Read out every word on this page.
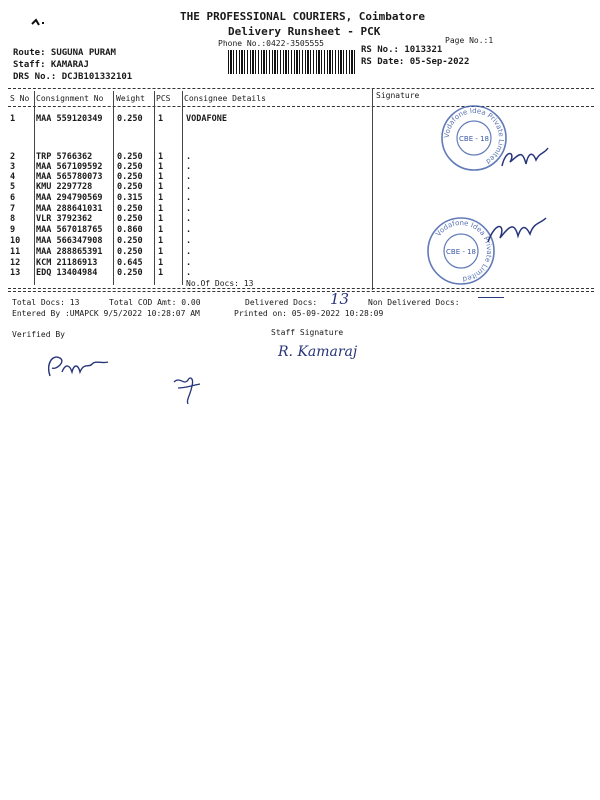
THE PROFESSIONAL COURIERS, Coimbatore
Delivery Runsheet - PCK
Phone No.:0422-3505555	Page No.:1
Route: SUGUNA PURAM
Staff: KAMARAJ
DRS No.: DCJB101332101
RS No.: 1013321
RS Date: 05-Sep-2022
S No Consignment No Weight PCS Consignee Details	Signature
1 MAA 559120349 0.250 1	VODAFONE
2 TRP 5766362	0.250 1	.
3 MAA 567109592 0.250 1	.
4 MAA 565780073 0.250 1	.
5 KMU 2297728	0.250 1	.
6 MAA 294790569 0.315 1	.
7 MAA 288641031 0.250 1	.
8 VLR 3792362	0.250 1	.
9 MAA 567018765 0.860 1	.
10 MAA 566347908 0.250 1	.
11 MAA 288865391 0.250 1	.
12 KCM 21186913 0.645 1	.
13 EDQ 13404984 0.250 1	.
No.Of Docs: 13
Vodafone Idea Private Limited
CBE - 18
Vodafone Idea Private Limited
CBE - 18
Total Docs: 13	Total COD Amt: 0.00	Delivered Docs: 13 Non Delivered Docs:
Entered By :UMAPCK 9/5/2022 10:28:07 AM	Printed on: 05-09-2022 10:28:09
Verified By	Staff Signature
R. Kamaraj
